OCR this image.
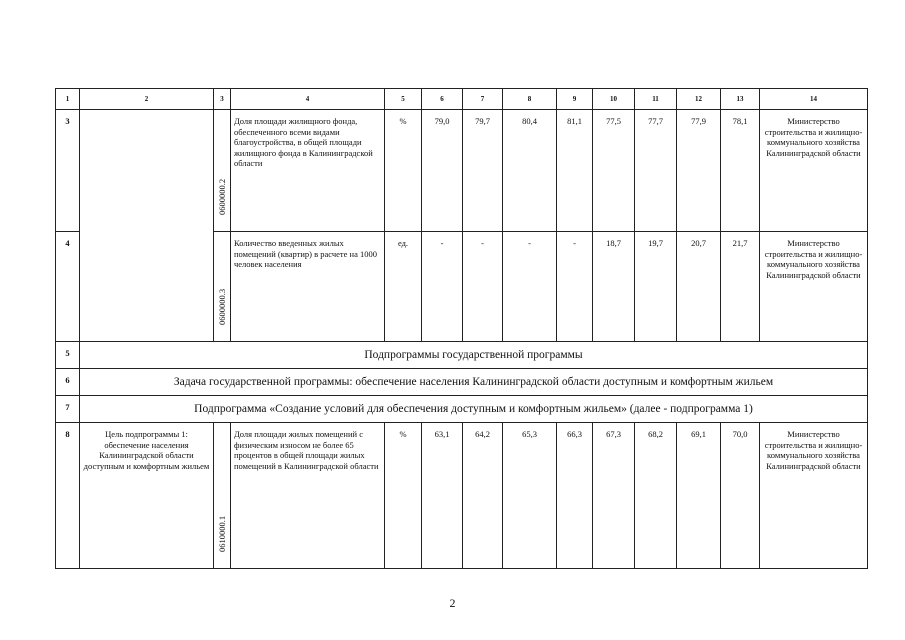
1	2	3	4	5	6	7	8	9	10	11	12	13	14
3		0600000.2	Доля площади жилищного фонда, обеспеченного всеми видами благоустройства, в общей площади жилищного фонда в Калининградской области	%	79,0	79,7	80,4	81,1	77,5	77,7	77,9	78,1	Министерство строительства и жилищно-коммунального хозяйства Калининградской области
4		0600000.3	Количество введенных жилых помещений (квартир) в расчете на 1000 человек населения	ед.	-	-	-	-	18,7	19,7	20,7	21,7	Министерство строительства и жилищно-коммунального хозяйства Калининградской области
5	Подпрограммы государственной программы												
6	Задача государственной программы: обеспечение населения Калининградской области доступным и комфортным жильем												
7	Подпрограмма «Создание условий для обеспечения доступным и комфортным жильем» (далее - подпрограмма 1)												
8	Цель подпрограммы 1: обеспечение населения Калининградской области доступным и комфортным жильем	0610000.1	Доля площади жилых помещений с физическим износом не более 65 процентов в общей площади жилых помещений в Калининградской области	%	63,1	64,2	65,3	66,3	67,3	68,2	69,1	70,0	Министерство строительства и жилищно-коммунального хозяйства Калининградской области
2
